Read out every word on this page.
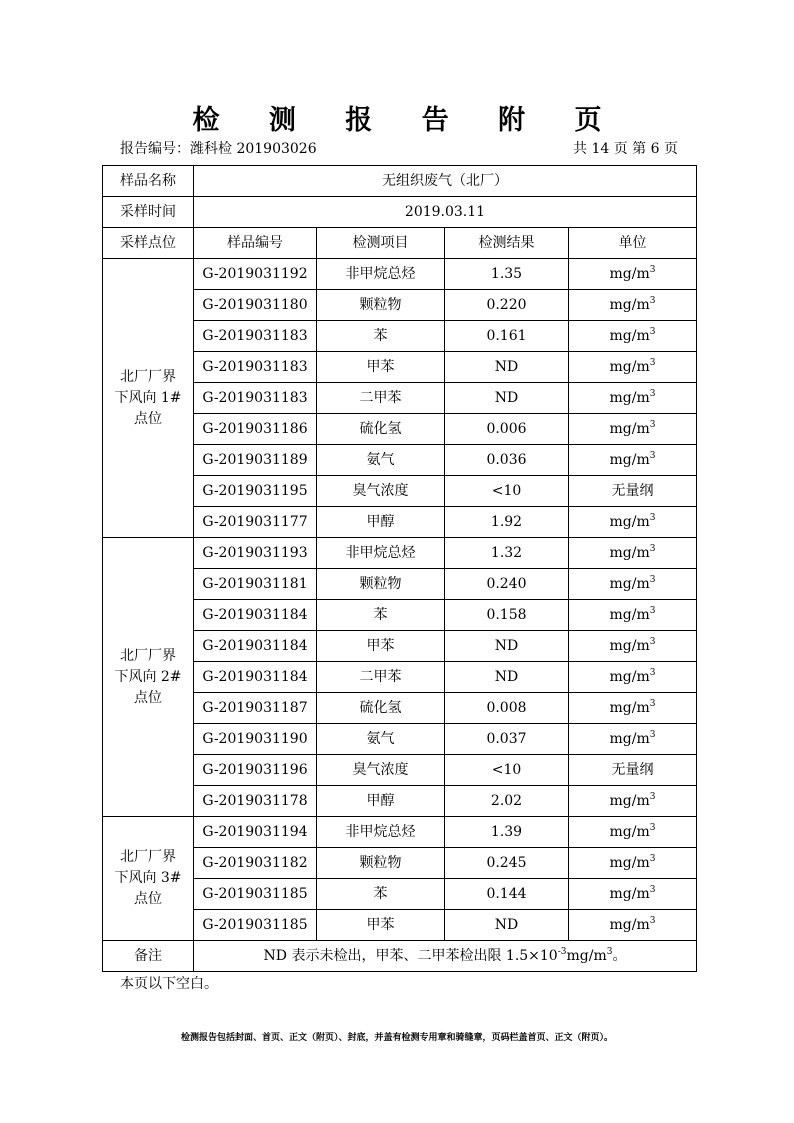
检 测 报 告 附 页
报告编号：潍科检 201903026	共 14 页 第 6 页
样品名称	无组织废气（北厂）			
采样时间	2019.03.11			
采样点位	样品编号	检测项目	检测结果	单位

北厂厂界
下风向 1#
点位	G-2019031192	非甲烷总烃	1.35	$mg/m^3$
	G-2019031180	颗粒物	0.220	$mg/m^3$
	G-2019031183	苯	0.161	$mg/m^3$
	G-2019031183	甲苯	ND	$mg/m^3$
	G-2019031183	二甲苯	ND	$mg/m^3$
	G-2019031186	硫化氢	0.006	$mg/m^3$
	G-2019031189	氨气	0.036	$mg/m^3$
	G-2019031195	臭气浓度	<10	无量纲
	G-2019031177	甲醇	1.92	$mg/m^3$

北厂厂界
下风向 2#
点位	G-2019031193	非甲烷总烃	1.32	$mg/m^3$
	G-2019031181	颗粒物	0.240	$mg/m^3$
	G-2019031184	苯	0.158	$mg/m^3$
	G-2019031184	甲苯	ND	$mg/m^3$
	G-2019031184	二甲苯	ND	$mg/m^3$
	G-2019031187	硫化氢	0.008	$mg/m^3$
	G-2019031190	氨气	0.037	$mg/m^3$
	G-2019031196	臭气浓度	<10	无量纲
	G-2019031178	甲醇	2.02	$mg/m^3$

北厂厂界
下风向 3#
点位	G-2019031194	非甲烷总烃	1.39	$mg/m^3$
	G-2019031182	颗粒物	0.245	$mg/m^3$
	G-2019031185	苯	0.144	$mg/m^3$
	G-2019031185	甲苯	ND	$mg/m^3$
备注	ND 表示未检出，甲苯、二甲苯检出限 $1.5\times 10^{-3}mg/m^3$。			
本页以下空白。
检测报告包括封面、首页、正文（附页）、封底，并盖有检测专用章和骑缝章，页码栏盖首页、正文（附页）。
